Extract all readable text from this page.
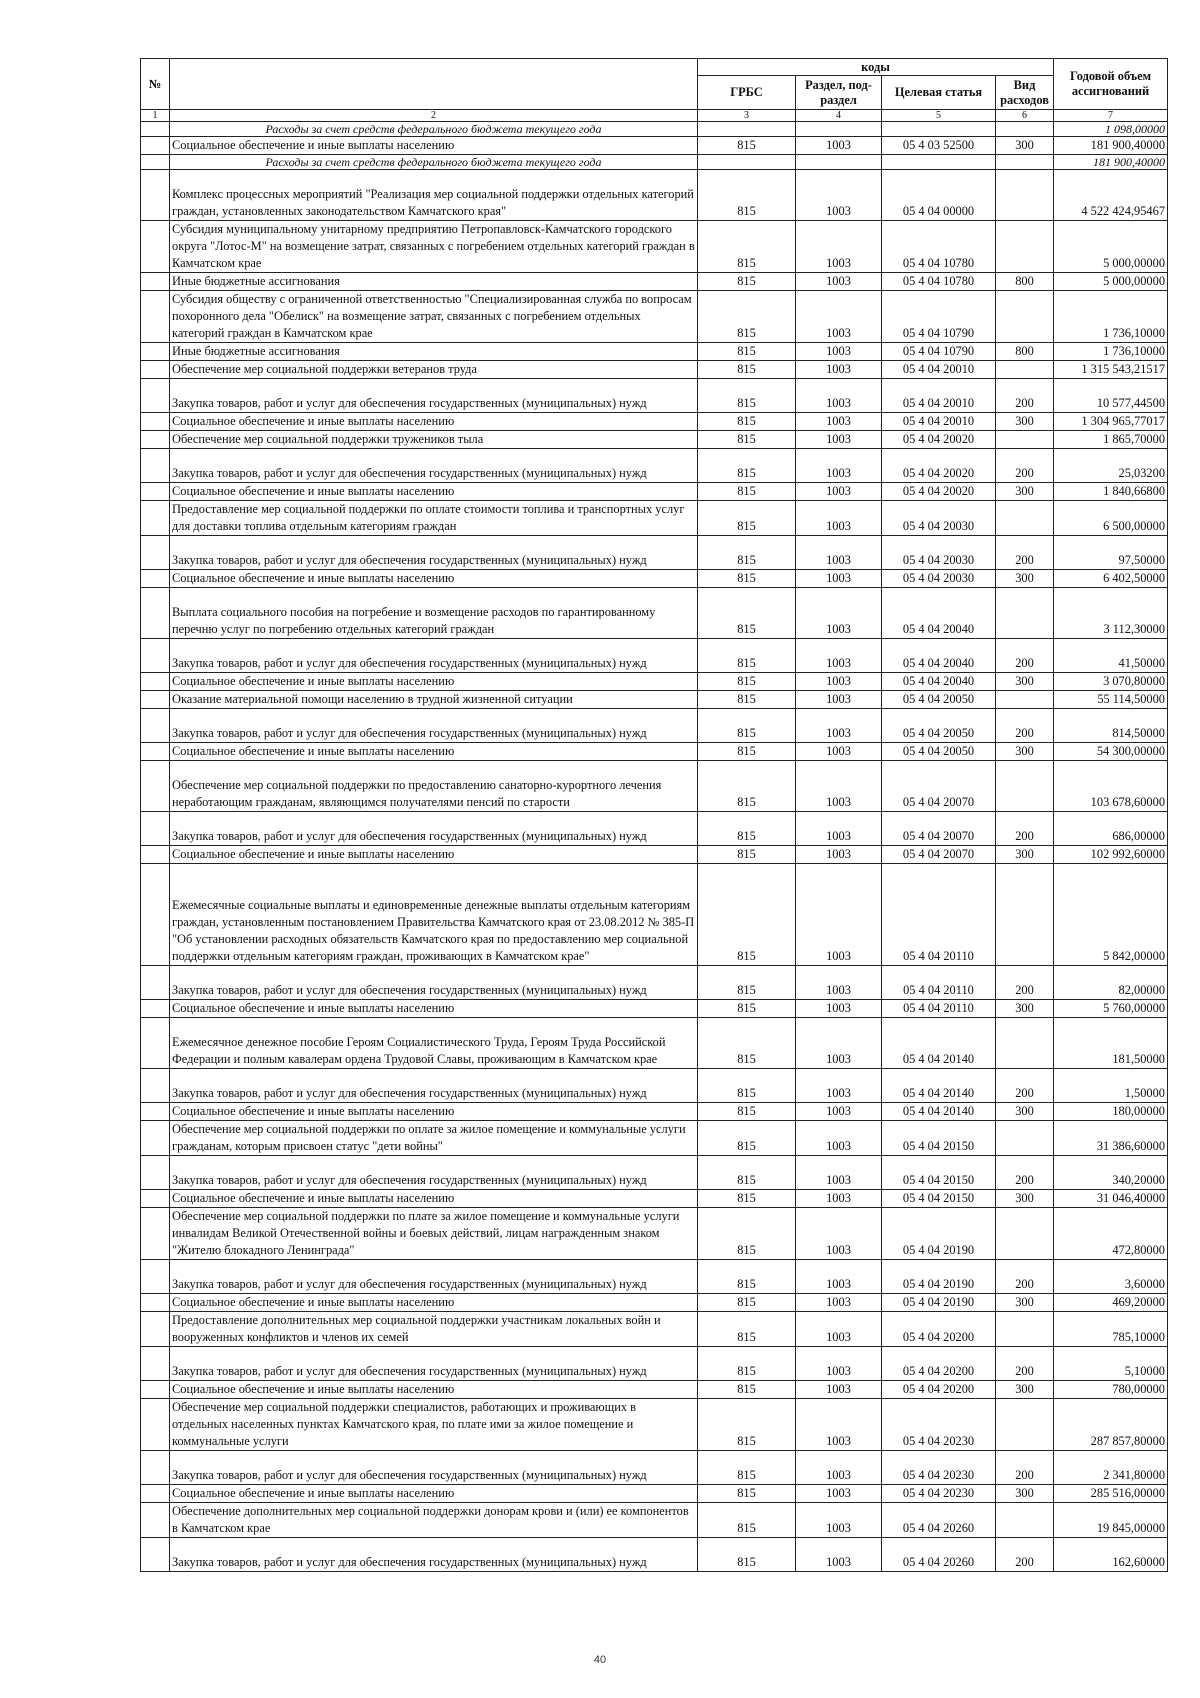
№		коды				Годовой объем ассигнований
		ГРБС	Раздел, под-раздел	Целевая статья	Вид расходов	
1	2	3	4	5	6	7
	Расходы за счет средств федерального бюджета текущего года					1 098,00000
	Социальное обеспечение и иные выплаты населению	815	1003	05 4 03 52500	300	181 900,40000
	Расходы за счет средств федерального бюджета текущего года					181 900,40000
	Комплекс процессных мероприятий "Реализация мер социальной поддержки отдельных категорий граждан, установленных законодательством Камчатского края"	815	1003	05 4 04 00000		4 522 424,95467
	Субсидия муниципальному унитарному предприятию Петропавловск-Камчатского городского округа "Лотос-М" на возмещение затрат, связанных с погребением отдельных категорий граждан в Камчатском крае	815	1003	05 4 04 10780		5 000,00000
	Иные бюджетные ассигнования	815	1003	05 4 04 10780	800	5 000,00000
	Субсидия обществу с ограниченной ответственностью "Специализированная служба по вопросам похоронного дела "Обелиск" на возмещение затрат, связанных с погребением отдельных категорий граждан в Камчатском крае	815	1003	05 4 04 10790		1 736,10000
	Иные бюджетные ассигнования	815	1003	05 4 04 10790	800	1 736,10000
	Обеспечение мер социальной поддержки ветеранов труда	815	1003	05 4 04 20010		1 315 543,21517
	Закупка товаров, работ и услуг для обеспечения государственных (муниципальных) нужд	815	1003	05 4 04 20010	200	10 577,44500
	Социальное обеспечение и иные выплаты населению	815	1003	05 4 04 20010	300	1 304 965,77017
	Обеспечение мер социальной поддержки тружеников тыла	815	1003	05 4 04 20020		1 865,70000
	Закупка товаров, работ и услуг для обеспечения государственных (муниципальных) нужд	815	1003	05 4 04 20020	200	25,03200
	Социальное обеспечение и иные выплаты населению	815	1003	05 4 04 20020	300	1 840,66800
	Предоставление мер социальной поддержки по оплате стоимости топлива и транспортных услуг для доставки топлива отдельным категориям граждан	815	1003	05 4 04 20030		6 500,00000
	Закупка товаров, работ и услуг для обеспечения государственных (муниципальных) нужд	815	1003	05 4 04 20030	200	97,50000
	Социальное обеспечение и иные выплаты населению	815	1003	05 4 04 20030	300	6 402,50000
	Выплата социального пособия на погребение и возмещение расходов по гарантированному перечню услуг по погребению отдельных категорий граждан	815	1003	05 4 04 20040		3 112,30000
	Закупка товаров, работ и услуг для обеспечения государственных (муниципальных) нужд	815	1003	05 4 04 20040	200	41,50000
	Социальное обеспечение и иные выплаты населению	815	1003	05 4 04 20040	300	3 070,80000
	Оказание материальной помощи населению в трудной жизненной ситуации	815	1003	05 4 04 20050		55 114,50000
	Закупка товаров, работ и услуг для обеспечения государственных (муниципальных) нужд	815	1003	05 4 04 20050	200	814,50000
	Социальное обеспечение и иные выплаты населению	815	1003	05 4 04 20050	300	54 300,00000
	Обеспечение мер социальной поддержки по предоставлению санаторно-курортного лечения неработающим гражданам, являющимся получателями пенсий по старости	815	1003	05 4 04 20070		103 678,60000
	Закупка товаров, работ и услуг для обеспечения государственных (муниципальных) нужд	815	1003	05 4 04 20070	200	686,00000
	Социальное обеспечение и иные выплаты населению	815	1003	05 4 04 20070	300	102 992,60000
	Ежемесячные социальные выплаты и единовременные денежные выплаты отдельным категориям граждан, установленным постановлением Правительства Камчатского края от 23.08.2012 № 385-П "Об установлении расходных обязательств Камчатского края по предоставлению мер социальной поддержки отдельным категориям граждан, проживающих в Камчатском крае"	815	1003	05 4 04 20110		5 842,00000
	Закупка товаров, работ и услуг для обеспечения государственных (муниципальных) нужд	815	1003	05 4 04 20110	200	82,00000
	Социальное обеспечение и иные выплаты населению	815	1003	05 4 04 20110	300	5 760,00000
	Ежемесячное денежное пособие Героям Социалистического Труда, Героям Труда Российской Федерации и полным кавалерам ордена Трудовой Славы, проживающим в Камчатском крае	815	1003	05 4 04 20140		181,50000
	Закупка товаров, работ и услуг для обеспечения государственных (муниципальных) нужд	815	1003	05 4 04 20140	200	1,50000
	Социальное обеспечение и иные выплаты населению	815	1003	05 4 04 20140	300	180,00000
	Обеспечение мер социальной поддержки по оплате за жилое помещение и коммунальные услуги гражданам, которым присвоен статус "дети войны"	815	1003	05 4 04 20150		31 386,60000
	Закупка товаров, работ и услуг для обеспечения государственных (муниципальных) нужд	815	1003	05 4 04 20150	200	340,20000
	Социальное обеспечение и иные выплаты населению	815	1003	05 4 04 20150	300	31 046,40000
	Обеспечение мер социальной поддержки по плате за жилое помещение и коммунальные услуги инвалидам Великой Отечественной войны и боевых действий, лицам награжденным знаком "Жителю блокадного Ленинграда"	815	1003	05 4 04 20190		472,80000
	Закупка товаров, работ и услуг для обеспечения государственных (муниципальных) нужд	815	1003	05 4 04 20190	200	3,60000
	Социальное обеспечение и иные выплаты населению	815	1003	05 4 04 20190	300	469,20000
	Предоставление дополнительных мер социальной поддержки участникам локальных войн и вооруженных конфликтов и членов их семей	815	1003	05 4 04 20200		785,10000
	Закупка товаров, работ и услуг для обеспечения государственных (муниципальных) нужд	815	1003	05 4 04 20200	200	5,10000
	Социальное обеспечение и иные выплаты населению	815	1003	05 4 04 20200	300	780,00000
	Обеспечение мер социальной поддержки специалистов, работающих и проживающих в отдельных населенных пунктах Камчатского края, по плате ими за жилое помещение и коммунальные услуги	815	1003	05 4 04 20230		287 857,80000
	Закупка товаров, работ и услуг для обеспечения государственных (муниципальных) нужд	815	1003	05 4 04 20230	200	2 341,80000
	Социальное обеспечение и иные выплаты населению	815	1003	05 4 04 20230	300	285 516,00000
	Обеспечение дополнительных мер социальной поддержки донорам крови и (или) ее компонентов в Камчатском крае	815	1003	05 4 04 20260		19 845,00000
	Закупка товаров, работ и услуг для обеспечения государственных (муниципальных) нужд	815	1003	05 4 04 20260	200	162,60000
40
